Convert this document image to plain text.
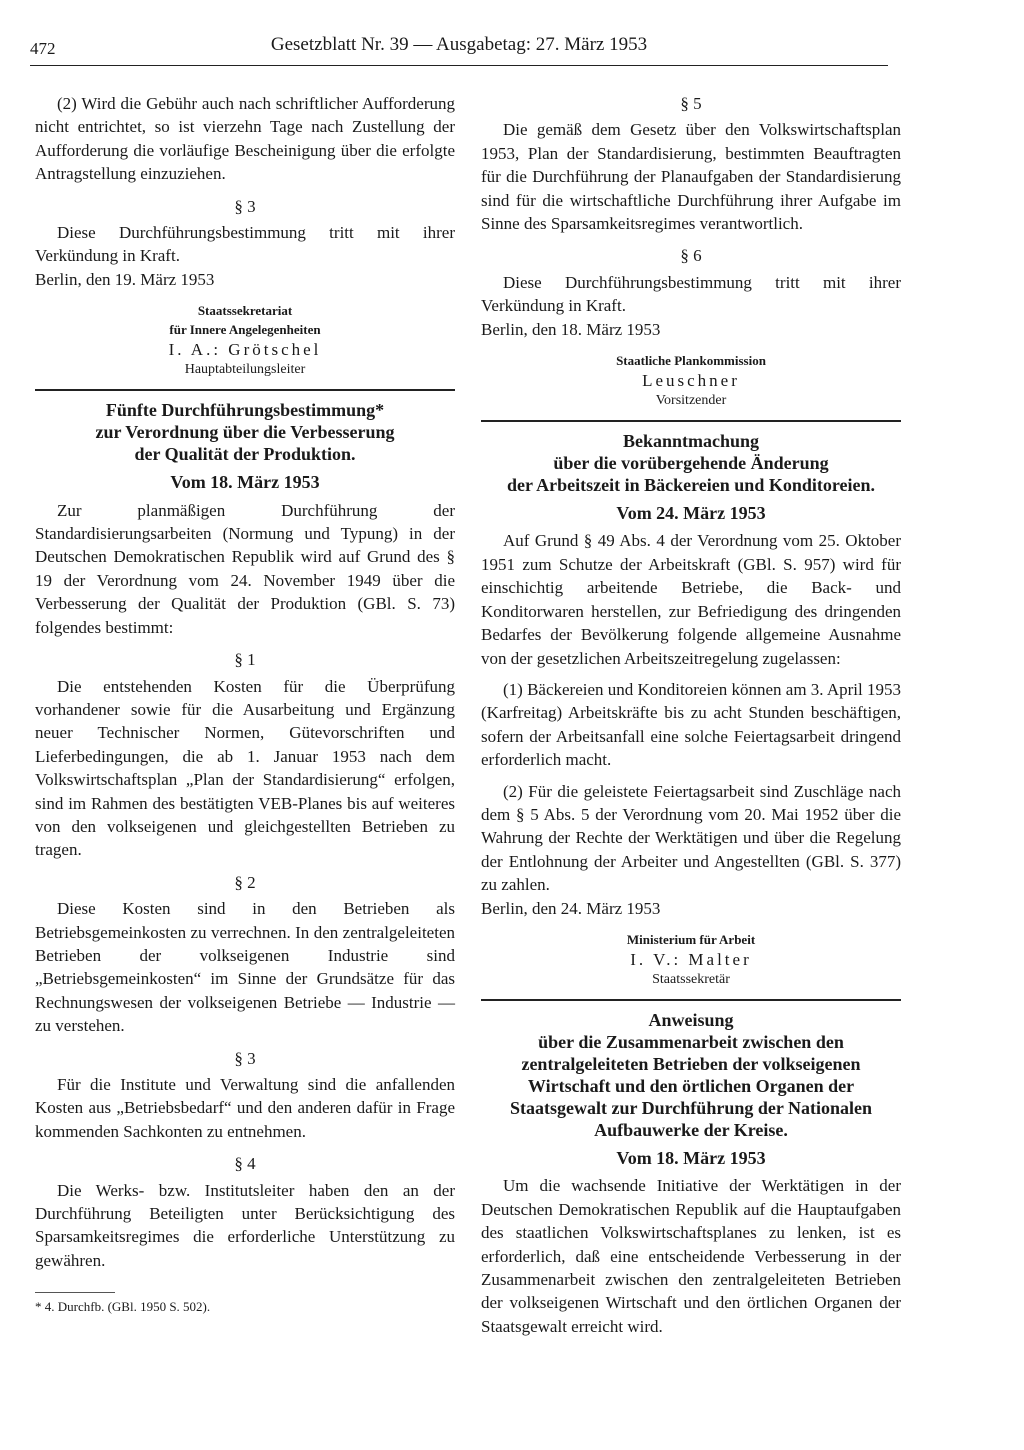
472	Gesetzblatt Nr. 39 — Ausgabetag: 27. März 1953

(2) Wird die Gebühr auch nach schriftlicher Aufforderung nicht entrichtet, so ist vierzehn Tage nach Zustellung der Aufforderung die vorläufige Bescheinigung über die erfolgte Antragstellung einzuziehen.

§ 3

Diese Durchführungsbestimmung tritt mit ihrer Verkündung in Kraft.

Berlin, den 19. März 1953

Staatssekretariat
für Innere Angelegenheiten
I. A.: Grötschel
Hauptabteilungsleiter
Fünfte Durchführungsbestimmung*
zur Verordnung über die Verbesserung
der Qualität der Produktion.
Vom 18. März 1953

Zur planmäßigen Durchführung der Standardisierungsarbeiten (Normung und Typung) in der Deutschen Demokratischen Republik wird auf Grund des § 19 der Verordnung vom 24. November 1949 über die Verbesserung der Qualität der Produktion (GBl. S. 73) folgendes bestimmt:

§ 1

Die entstehenden Kosten für die Überprüfung vorhandener sowie für die Ausarbeitung und Ergänzung neuer Technischer Normen, Gütevorschriften und Lieferbedingungen, die ab 1. Januar 1953 nach dem Volkswirtschaftsplan „Plan der Standardisierung“ erfolgen, sind im Rahmen des bestätigten VEB-Planes bis auf weiteres von den volkseigenen und gleichgestellten Betrieben zu tragen.

§ 2

Diese Kosten sind in den Betrieben als Betriebsgemeinkosten zu verrechnen. In den zentralgeleiteten Betrieben der volkseigenen Industrie sind „Betriebsgemeinkosten“ im Sinne der Grundsätze für das Rechnungswesen der volkseigenen Betriebe — Industrie — zu verstehen.

§ 3

Für die Institute und Verwaltung sind die anfallenden Kosten aus „Betriebsbedarf“ und den anderen dafür in Frage kommenden Sachkonten zu entnehmen.

§ 4

Die Werks- bzw. Institutsleiter haben den an der Durchführung Beteiligten unter Berücksichtigung des Sparsamkeitsregimes die erforderliche Unterstützung zu gewähren.

* 4. Durchfb. (GBl. 1950 S. 502).
§ 5

Die gemäß dem Gesetz über den Volkswirtschaftsplan 1953, Plan der Standardisierung, bestimmten Beauftragten für die Durchführung der Planaufgaben der Standardisierung sind für die wirtschaftliche Durchführung ihrer Aufgabe im Sinne des Sparsamkeitsregimes verantwortlich.

§ 6

Diese Durchführungsbestimmung tritt mit ihrer Verkündung in Kraft.

Berlin, den 18. März 1953

Staatliche Plankommission
Leuschner
Vorsitzender
Bekanntmachung
über die vorübergehende Änderung
der Arbeitszeit in Bäckereien und Konditoreien.
Vom 24. März 1953

Auf Grund § 49 Abs. 4 der Verordnung vom 25. Oktober 1951 zum Schutze der Arbeitskraft (GBl. S. 957) wird für einschichtig arbeitende Betriebe, die Back- und Konditorwaren herstellen, zur Befriedigung des dringenden Bedarfes der Bevölkerung folgende allgemeine Ausnahme von der gesetzlichen Arbeitszeitregelung zugelassen:

(1) Bäckereien und Konditoreien können am 3. April 1953 (Karfreitag) Arbeitskräfte bis zu acht Stunden beschäftigen, sofern der Arbeitsanfall eine solche Feiertagsarbeit dringend erforderlich macht.

(2) Für die geleistete Feiertagsarbeit sind Zuschläge nach dem § 5 Abs. 5 der Verordnung vom 20. Mai 1952 über die Wahrung der Rechte der Werktätigen und über die Regelung der Entlohnung der Arbeiter und Angestellten (GBl. S. 377) zu zahlen.

Berlin, den 24. März 1953

Ministerium für Arbeit
I. V.: Malter
Staatssekretär
Anweisung
über die Zusammenarbeit zwischen den zentralgeleiteten Betrieben der volkseigenen Wirtschaft und den örtlichen Organen der Staatsgewalt zur Durchführung der Nationalen Aufbauwerke der Kreise.
Vom 18. März 1953

Um die wachsende Initiative der Werktätigen in der Deutschen Demokratischen Republik auf die Hauptaufgaben des staatlichen Volkswirtschaftsplanes zu lenken, ist es erforderlich, daß eine entscheidende Verbesserung in der Zusammenarbeit zwischen den zentralgeleiteten Betrieben der volkseigenen Wirtschaft und den örtlichen Organen der Staatsgewalt erreicht wird.
